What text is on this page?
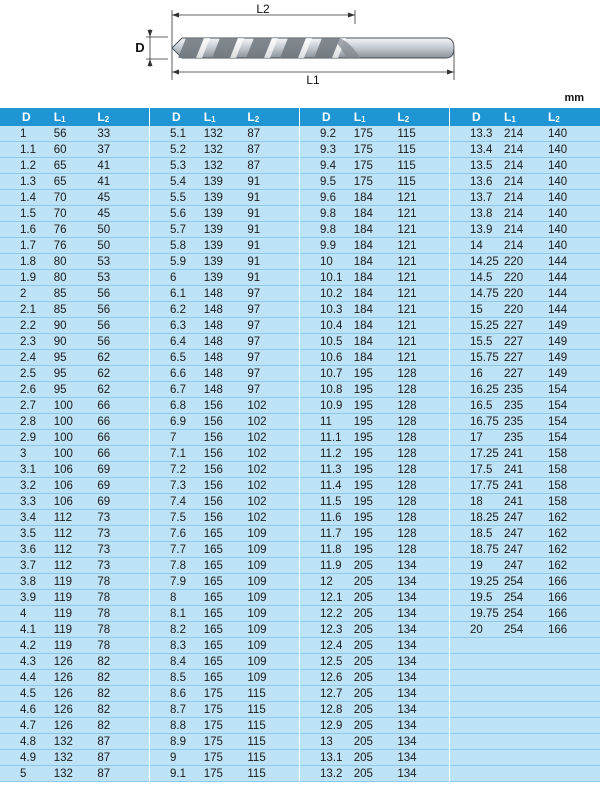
L2
L1
D
mm
D	$L_1$	$L_2$
1	56	33
1.1	60	37
1.2	65	41
1.3	65	41
1.4	70	45
1.5	70	45
1.6	76	50
1.7	76	50
1.8	80	53
1.9	80	53
2	85	56
2.1	85	56
2.2	90	56
2.3	90	56
2.4	95	62
2.5	95	62
2.6	95	62
2.7	100	66
2.8	100	66
2.9	100	66
3	100	66
3.1	106	69
3.2	106	69
3.3	106	69
3.4	112	73
3.5	112	73
3.6	112	73
3.7	112	73
3.8	119	78
3.9	119	78
4	119	78
4.1	119	78
4.2	119	78
4.3	126	82
4.4	126	82
4.5	126	82
4.6	126	82
4.7	126	82
4.8	132	87
4.9	132	87
5	132	87
D	$L_1$	$L_2$
5.1	132	87
5.2	132	87
5.3	132	87
5.4	139	91
5.5	139	91
5.6	139	91
5.7	139	91
5.8	139	91
5.9	139	91
6	139	91
6.1	148	97
6.2	148	97
6.3	148	97
6.4	148	97
6.5	148	97
6.6	148	97
6.7	148	97
6.8	156	102
6.9	156	102
7	156	102
7.1	156	102
7.2	156	102
7.3	156	102
7.4	156	102
7.5	156	102
7.6	165	109
7.7	165	109
7.8	165	109
7.9	165	109
8	165	109
8.1	165	109
8.2	165	109
8.3	165	109
8.4	165	109
8.5	165	109
8.6	175	115
8.7	175	115
8.8	175	115
8.9	175	115
9	175	115
9.1	175	115
D	$L_1$	$L_2$
9.2	175	115
9.3	175	115
9.4	175	115
9.5	175	115
9.6	184	121
9.8	184	121
9.8	184	121
9.9	184	121
10	184	121
10.1 184	121
10.2 184	121
10.3 184	121
10.4 184	121
10.5 184	121
10.6 184	121
10.7 195	128
10.8 195	128
10.9 195	128
11	195	128
11.1	195	128
11.2	195	128
11.3	195	128
11.4	195	128
11.5	195	128
11.6	195	128
11.7	195	128
11.8	195	128
11.9	205	134
12	205	134
12.1 205	134
12.2 205	134
12.3 205	134
12.4 205	134
12.5 205	134
12.6 205	134
12.7 205	134
12.8 205	134
12.9 205	134
13	205	134
13.1 205	134
13.2 205	134
D	$L_1$	$L_2$
13.3	214	140
13.4	214	140
13.5	214	140
13.6	214	140
13.7	214	140
13.8	214	140
13.9	214	140
14	214	140
14.25 220	144
14.5	220	144
14.75 220	144
15	220	144
15.25 227	149
15.5	227	149
15.75 227	149
16	227	149
16.25 235	154
16.5	235	154
16.75 235	154
17	235	154
17.25 241	158
17.5	241	158
17.75 241	158
18	241	158
18.25 247	162
18.5	247	162
18.75 247	162
19	247	162
19.25 254	166
19.5	254	166
19.75 254	166
20	254	166
